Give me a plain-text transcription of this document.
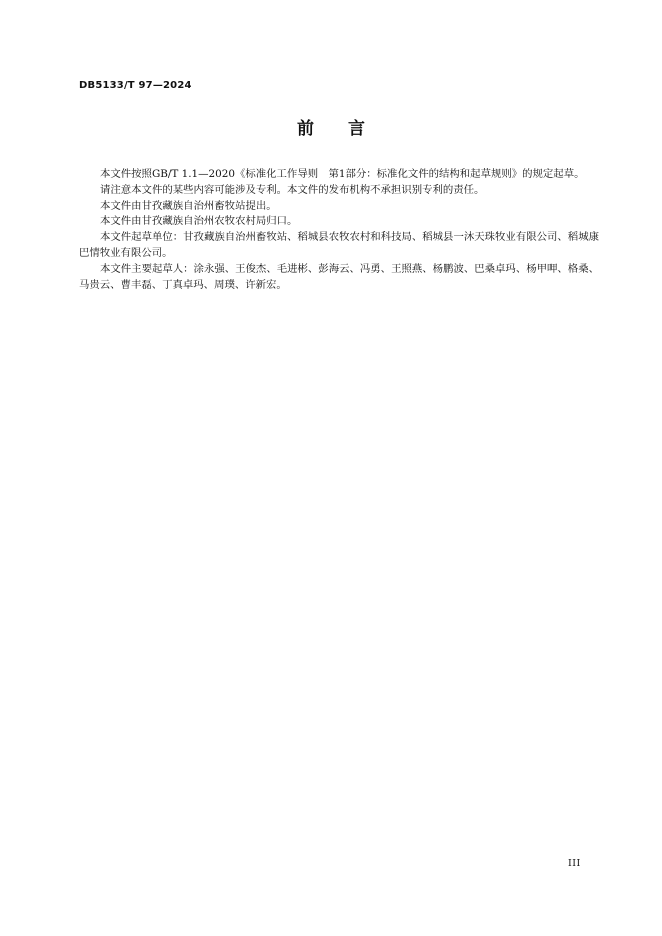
DB5133/T 97—2024
前 言

本文件按照GB/T 1.1—2020《标准化工作导则　第1部分：标准化文件的结构和起草规则》的规定起草。

请注意本文件的某些内容可能涉及专利。本文件的发布机构不承担识别专利的责任。

本文件由甘孜藏族自治州畜牧站提出。

本文件由甘孜藏族自治州农牧农村局归口。

本文件起草单位：甘孜藏族自治州畜牧站、稻城县农牧农村和科技局、稻城县一沐天珠牧业有限公司、稻城康巴情牧业有限公司。

本文件主要起草人：涂永强、王俊杰、毛进彬、彭海云、冯勇、王照燕、杨鹏波、巴桑卓玛、杨甲呷、格桑、马贵云、曹丰磊、丁真卓玛、周璞、许新宏。

III
